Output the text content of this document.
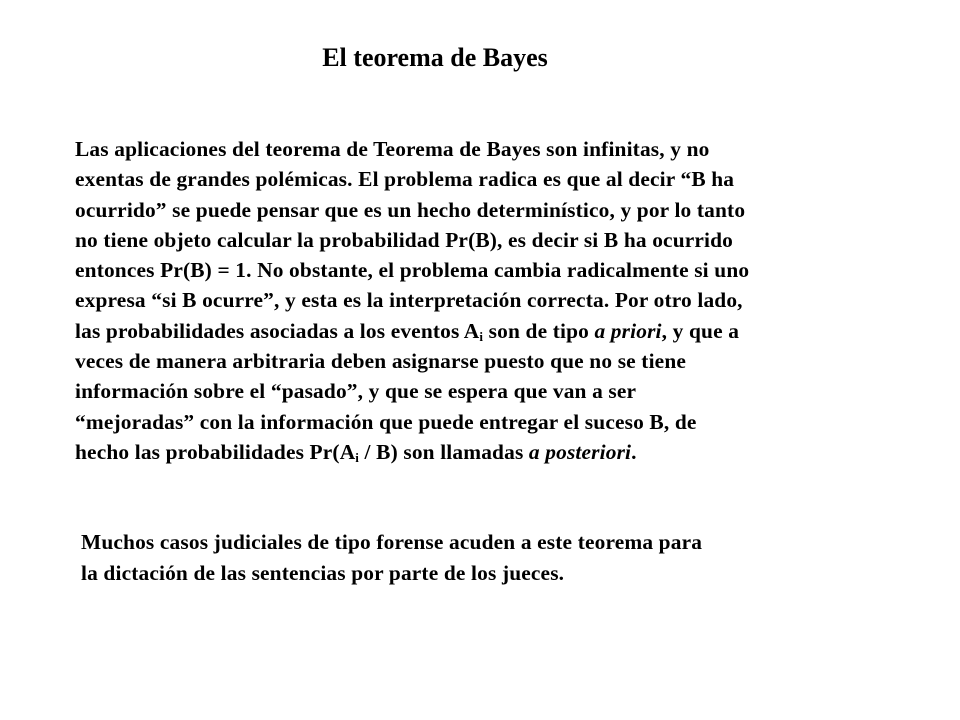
El teorema de Bayes

Las aplicaciones del teorema de Teorema de Bayes son infinitas, y no
exentas de grandes polémicas. El problema radica es que al decir “B ha
ocurrido” se puede pensar que es un hecho determinístico, y por lo tanto
no tiene objeto calcular la probabilidad Pr(B), es decir si B ha ocurrido
entonces Pr(B) = 1. No obstante, el problema cambia radicalmente si uno
expresa “si B ocurre”, y esta es la interpretación correcta. Por otro lado,
las probabilidades asociadas a los eventos $A_i$ son de tipo a priori, y que a
veces de manera arbitraria deben asignarse puesto que no se tiene
información sobre el “pasado”, y que se espera que van a ser
“mejoradas” con la información que puede entregar el suceso B, de
hecho las probabilidades $Pr(A_i / B)$ son llamadas a posteriori.

Muchos casos judiciales de tipo forense acuden a este teorema para
la dictación de las sentencias por parte de los jueces.
